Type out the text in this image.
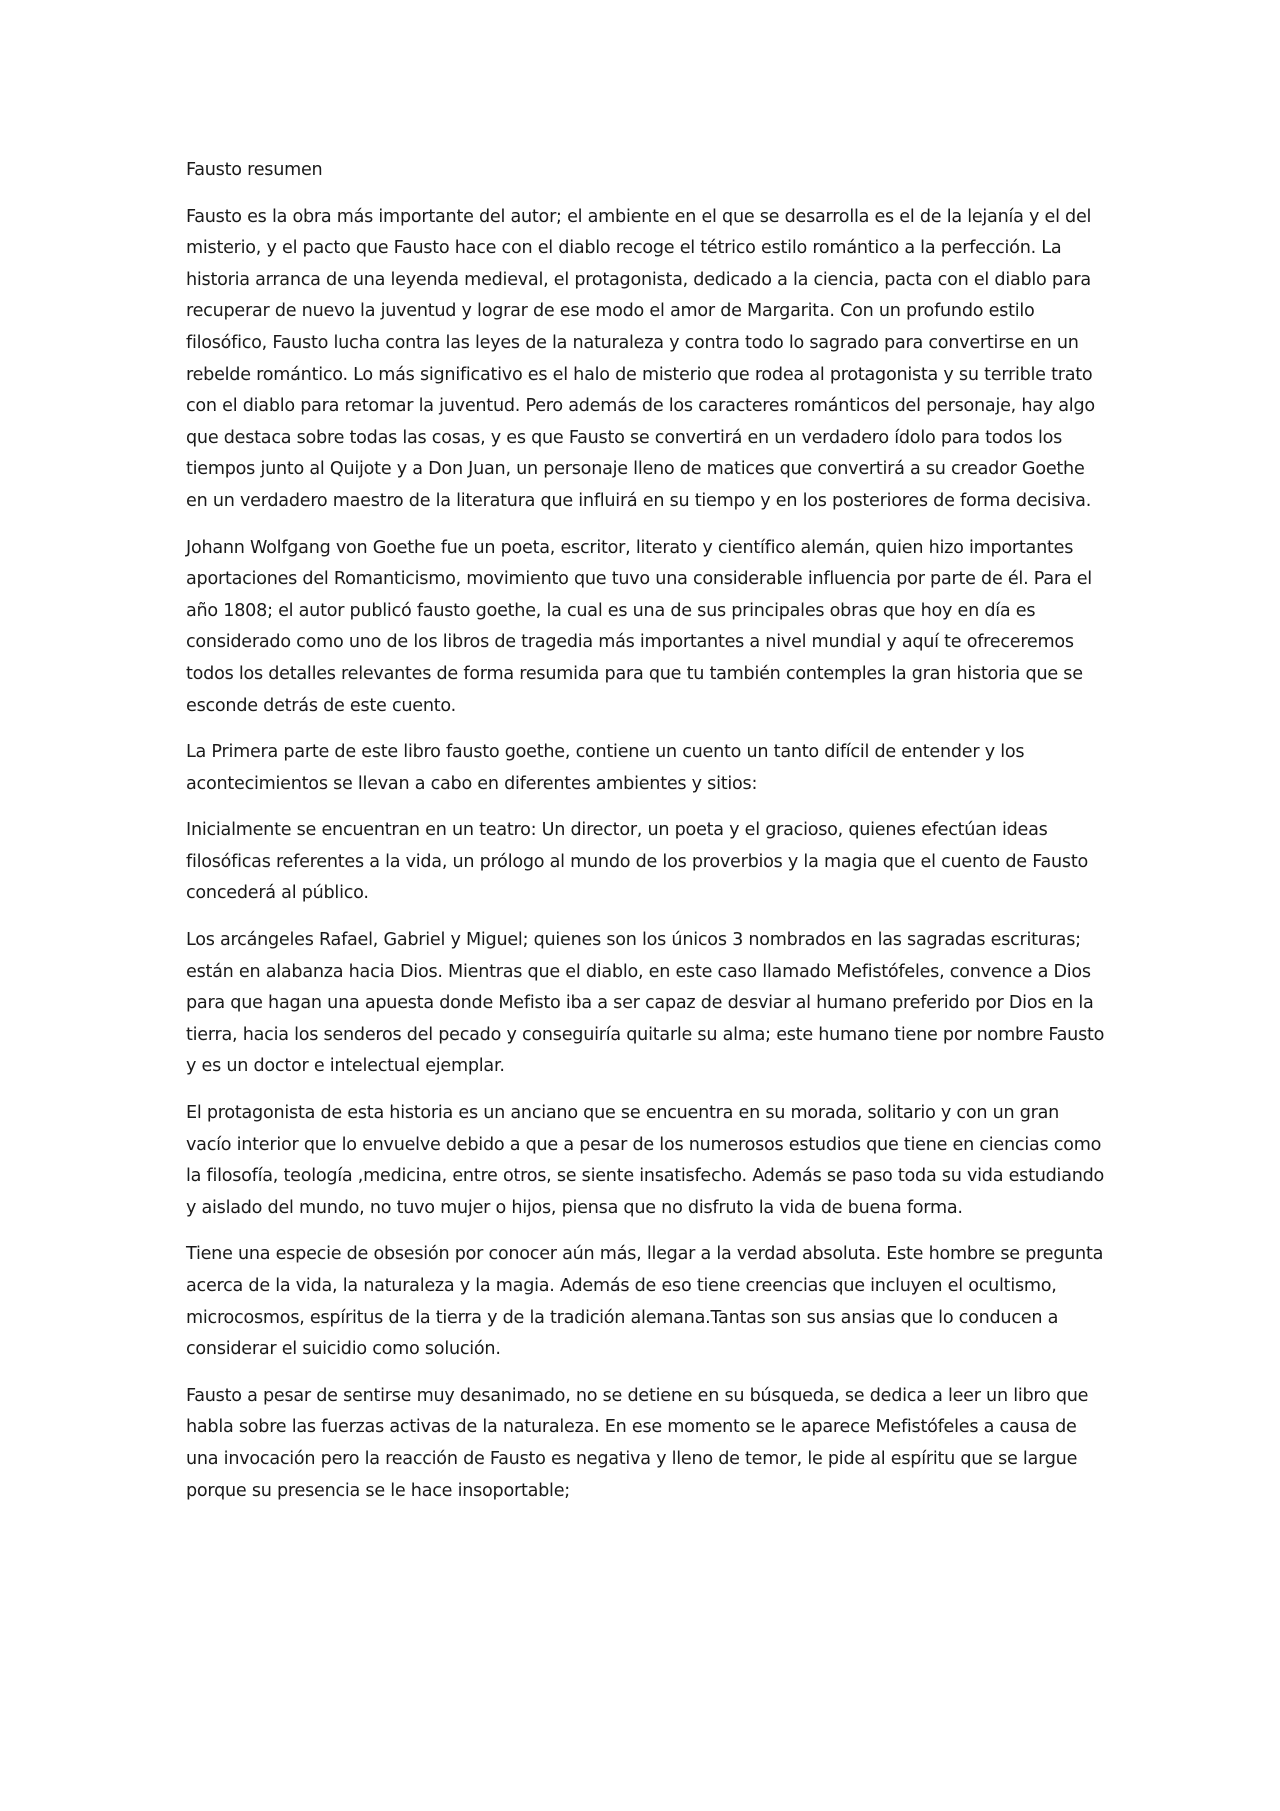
Fausto resumen

Fausto es la obra más importante del autor; el ambiente en el que se desarrolla es el de la lejanía y el del misterio, y el pacto que Fausto hace con el diablo recoge el tétrico estilo romántico a la perfección. La historia arranca de una leyenda medieval, el protagonista, dedicado a la ciencia, pacta con el diablo para recuperar de nuevo la juventud y lograr de ese modo el amor de Margarita. Con un profundo estilo filosófico, Fausto lucha contra las leyes de la naturaleza y contra todo lo sagrado para convertirse en un rebelde romántico. Lo más significativo es el halo de misterio que rodea al protagonista y su terrible trato con el diablo para retomar la juventud. Pero además de los caracteres románticos del personaje, hay algo que destaca sobre todas las cosas, y es que Fausto se convertirá en un verdadero ídolo para todos los tiempos junto al Quijote y a Don Juan, un personaje lleno de matices que convertirá a su creador Goethe en un verdadero maestro de la literatura que influirá en su tiempo y en los posteriores de forma decisiva.

Johann Wolfgang von Goethe fue un poeta, escritor, literato y científico alemán, quien hizo importantes aportaciones del Romanticismo, movimiento que tuvo una considerable influencia por parte de él. Para el año 1808; el autor publicó fausto goethe, la cual es una de sus principales obras que hoy en día es considerado como uno de los libros de tragedia más importantes a nivel mundial y aquí te ofreceremos todos los detalles relevantes de forma resumida para que tu también contemples la gran historia que se esconde detrás de este cuento.

La Primera parte de este libro fausto goethe, contiene un cuento un tanto difícil de entender y los acontecimientos se llevan a cabo en diferentes ambientes y sitios:

Inicialmente se encuentran en un teatro: Un director, un poeta y el gracioso, quienes efectúan ideas filosóficas referentes a la vida, un prólogo al mundo de los proverbios y la magia que el cuento de Fausto concederá al público.

Los arcángeles Rafael, Gabriel y Miguel; quienes son los únicos 3 nombrados en las sagradas escrituras; están en alabanza hacia Dios. Mientras que el diablo, en este caso llamado Mefistófeles, convence a Dios para que hagan una apuesta donde Mefisto iba a ser capaz de desviar al humano preferido por Dios en la tierra, hacia los senderos del pecado y conseguiría quitarle su alma; este humano tiene por nombre Fausto y es un doctor e intelectual ejemplar.

El protagonista de esta historia es un anciano que se encuentra en su morada, solitario y con un gran vacío interior que lo envuelve debido a que a pesar de los numerosos estudios que tiene en ciencias como la filosofía, teología ,medicina, entre otros, se siente insatisfecho. Además se paso toda su vida estudiando y aislado del mundo, no tuvo mujer o hijos, piensa que no disfruto la vida de buena forma.

Tiene una especie de obsesión por conocer aún más, llegar a la verdad absoluta. Este hombre se pregunta acerca de la vida, la naturaleza y la magia. Además de eso tiene creencias que incluyen el ocultismo, microcosmos, espíritus de la tierra y de la tradición alemana.Tantas son sus ansias que lo conducen a considerar el suicidio como solución.

Fausto a pesar de sentirse muy desanimado, no se detiene en su búsqueda, se dedica a leer un libro que habla sobre las fuerzas activas de la naturaleza. En ese momento se le aparece Mefistófeles a causa de una invocación pero la reacción de Fausto es negativa y lleno de temor, le pide al espíritu que se largue porque su presencia se le hace insoportable;
